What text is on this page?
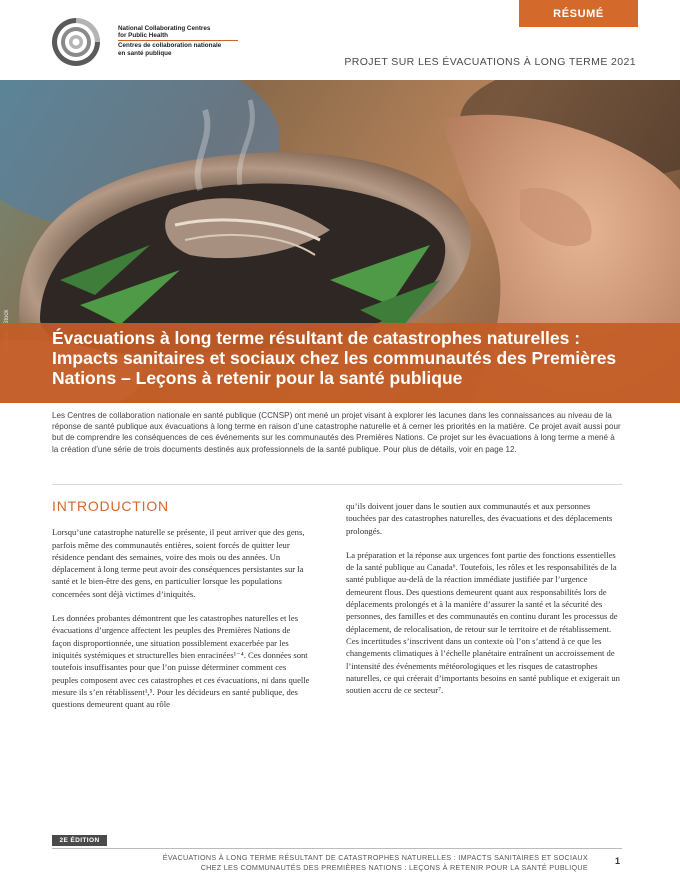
National Collaborating Centres
for Public Health
Centres de collaboration nationale
en santé publique
RÉSUMÉ
PROJET SUR LES ÉVACUATIONS À LONG TERME 2021
Évacuations à long terme résultant de catastrophes naturelles : Impacts sanitaires et sociaux chez les communautés des Premières Nations – Leçons à retenir pour la santé publique

Les Centres de collaboration nationale en santé publique (CCNSP) ont mené un projet visant à explorer les lacunes dans les connaissances au niveau de la réponse de santé publique aux évacuations à long terme en raison d’une catastrophe naturelle et à cerner les priorités en la matière. Ce projet avait aussi pour but de comprendre les conséquences de ces événements sur les communautés des Premières Nations. Ce projet sur les évacuations à long terme a mené à la création d’une série de trois documents destinés aux professionnels de la santé publique. Pour plus de détails, voir en page 12.

INTRODUCTION

Lorsqu’une catastrophe naturelle se présente, il peut arriver que des gens, parfois même des communautés entières, soient forcés de quitter leur résidence pendant des semaines, voire des mois ou des années. Un déplacement à long terme peut avoir des conséquences persistantes sur la santé et le bien-être des gens, en particulier lorsque les populations concernées sont déjà victimes d’iniquités.

Les données probantes démontrent que les catastrophes naturelles et les évacuations d’urgence affectent les peuples des Premières Nations de façon disproportionnée, une situation possiblement exacerbée par les iniquités systémiques et structurelles bien enracinées¹⁻⁴. Ces données sont toutefois insuffisantes pour que l’on puisse déterminer comment ces peuples composent avec ces catastrophes et ces évacuations, ni dans quelle mesure ils s’en rétablissent¹,⁵. Pour les décideurs en santé publique, des questions demeurent quant au rôle

qu’ils doivent jouer dans le soutien aux communautés et aux personnes touchées par des catastrophes naturelles, des évacuations et des déplacements prolongés.

La préparation et la réponse aux urgences font partie des fonctions essentielles de la santé publique au Canada⁶. Toutefois, les rôles et les responsabilités de la santé publique au-delà de la réaction immédiate justifiée par l’urgence demeurent flous. Des questions demeurent quant aux responsabilités lors de déplacements prolongés et à la manière d’assurer la santé et la sécurité des personnes, des familles et des communautés en continu durant les processus de déplacement, de relocalisation, de retour sur le territoire et de rétablissement. Ces incertitudes s’inscrivent dans un contexte où l’on s’attend à ce que les changements climatiques à l’échelle planétaire entraînent un accroissement de l’intensité des événements météorologiques et les risques de catastrophes naturelles, ce qui créerait d’importants besoins en santé publique et exigerait un soutien accru de ce secteur⁷.

2E ÉDITION
ÉVACUATIONS À LONG TERME RÉSULTANT DE CATASTROPHES NATURELLES : IMPACTS SANITAIRES ET SOCIAUX
CHEZ LES COMMUNAUTÉS DES PREMIÈRES NATIONS : LEÇONS À RETENIR POUR LA SANTÉ PUBLIQUE
1
